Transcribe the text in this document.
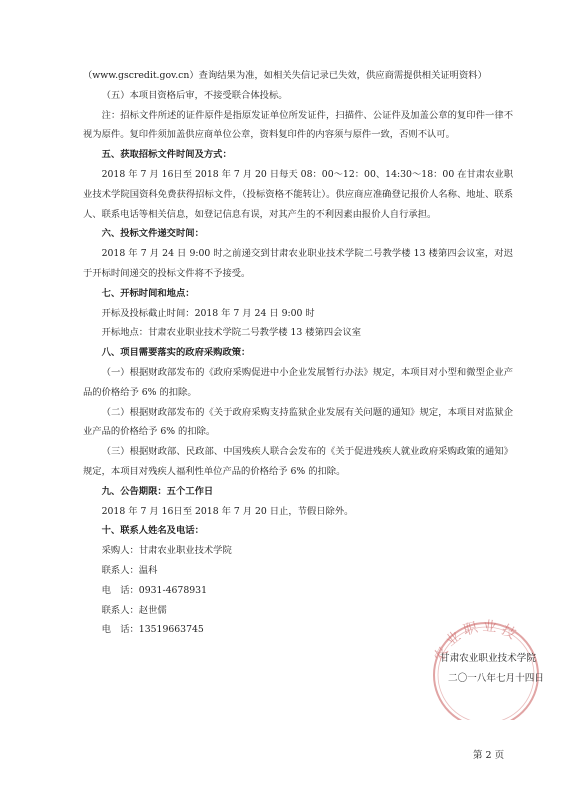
（www.gscredit.gov.cn）查询结果为准，如相关失信记录已失效，供应商需提供相关证明资料）

（五）本项目资格后审，不接受联合体投标。

注：招标文件所述的证件原件是指原发证单位所发证件，扫描件、公证件及加盖公章的复印件一律不视为原件。复印件须加盖供应商单位公章，资料复印件的内容须与原件一致，否则不认可。

五、获取招标文件时间及方式：

2018 年 7 月 16日至 2018 年 7 月 20 日每天 08：00～12：00、14:30～18：00 在甘肃农业职业技术学院国资科免费获得招标文件，（投标资格不能转让）。供应商应准确登记报价人名称、地址、联系人、联系电话等相关信息，如登记信息有误，对其产生的不利因素由报价人自行承担。

六、投标文件递交时间：

2018 年 7 月 24 日 9:00 时之前递交到甘肃农业职业技术学院二号教学楼 13 楼第四会议室，对迟于开标时间递交的投标文件将不予接受。

七、开标时间和地点：

开标及投标截止时间：2018 年 7 月 24 日 9:00 时

开标地点：甘肃农业职业技术学院二号教学楼 13 楼第四会议室

八、项目需要落实的政府采购政策：

（一）根据财政部发布的《政府采购促进中小企业发展暂行办法》规定，本项目对小型和微型企业产品的价格给予 6% 的扣除。

（二）根据财政部发布的《关于政府采购支持监狱企业发展有关问题的通知》规定，本项目对监狱企业产品的价格给予 6% 的扣除。

（三）根据财政部、民政部、中国残疾人联合会发布的《关于促进残疾人就业政府采购政策的通知》规定，本项目对残疾人福利性单位产品的价格给予 6% 的扣除。

九、公告期限：五个工作日

2018 年 7 月 16日至 2018 年 7 月 20 日止，节假日除外。

十、联系人姓名及电话：

采购人：甘肃农业职业技术学院

联系人：温科

电　话：0931-4678931

联系人：赵世儒

电　话：13519663745

农业职业技
甘肃农业职业技术学院
二〇一八年七月十四日
第 2 页
